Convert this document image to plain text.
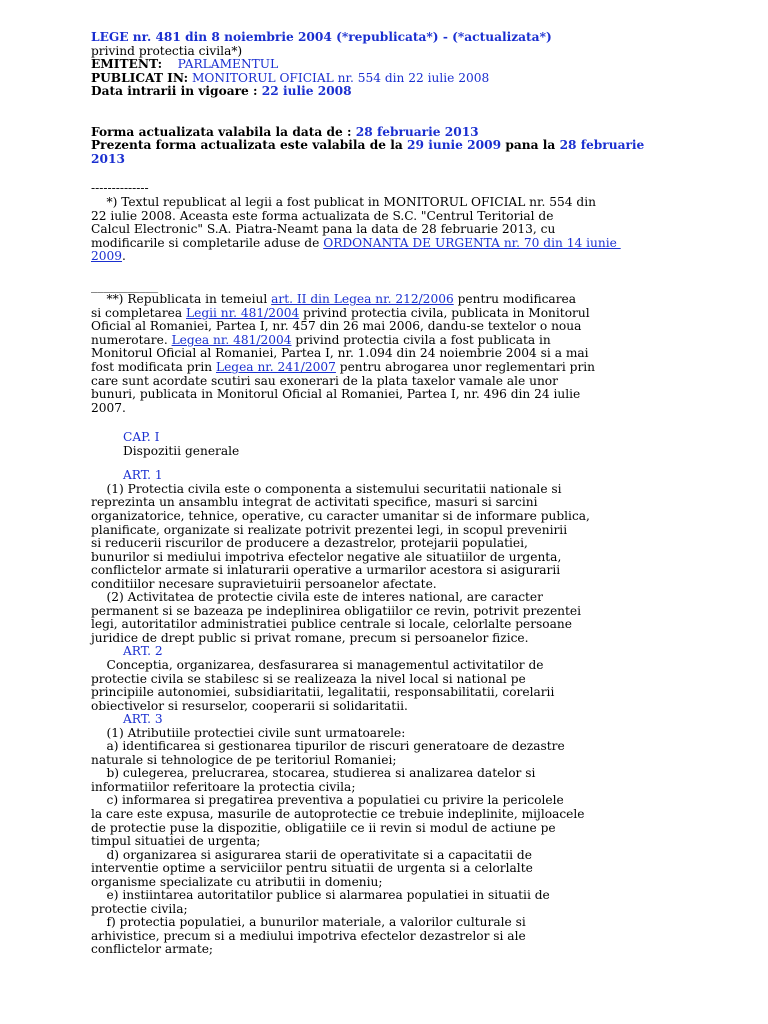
LEGE nr. 481 din 8 noiembrie 2004 (*republicata*) - (*actualizata*)
privind protectia civila*)
EMITENT: PARLAMENTUL
PUBLICAT IN: MONITORUL OFICIAL nr. 554 din 22 iulie 2008
Data intrarii in vigoare : 22 iulie 2008
Forma actualizata valabila la data de : 28 februarie 2013
Prezenta forma actualizata este valabila de la 29 iunie 2009 pana la 28 februarie
2013
--------------
*) Textul republicat al legii a fost publicat in MONITORUL OFICIAL nr. 554 din
22 iulie 2008. Aceasta este forma actualizata de S.C. "Centrul Teritorial de
Calcul Electronic" S.A. Piatra-Neamt pana la data de 28 februarie 2013, cu
modificarile si completarile aduse de ORDONANTA DE URGENTA nr. 70 din 14 iunie
2009.
___________
**) Republicata in temeiul art. II din Legea nr. 212/2006 pentru modificarea
si completarea Legii nr. 481/2004 privind protectia civila, publicata in Monitorul
Oficial al Romaniei, Partea I, nr. 457 din 26 mai 2006, dandu-se textelor o noua
numerotare. Legea nr. 481/2004 privind protectia civila a fost publicata in
Monitorul Oficial al Romaniei, Partea I, nr. 1.094 din 24 noiembrie 2004 si a mai
fost modificata prin Legea nr. 241/2007 pentru abrogarea unor reglementari prin
care sunt acordate scutiri sau exonerari de la plata taxelor vamale ale unor
bunuri, publicata in Monitorul Oficial al Romaniei, Partea I, nr. 496 din 24 iulie
2007.
CAP. I
Dispozitii generale
ART. 1
(1) Protectia civila este o componenta a sistemului securitatii nationale si
reprezinta un ansamblu integrat de activitati specifice, masuri si sarcini
organizatorice, tehnice, operative, cu caracter umanitar si de informare publica,
planificate, organizate si realizate potrivit prezentei legi, in scopul prevenirii
si reducerii riscurilor de producere a dezastrelor, protejarii populatiei,
bunurilor si mediului impotriva efectelor negative ale situatiilor de urgenta,
conflictelor armate si inlaturarii operative a urmarilor acestora si asigurarii
conditiilor necesare supravietuirii persoanelor afectate.
(2) Activitatea de protectie civila este de interes national, are caracter
permanent si se bazeaza pe indeplinirea obligatiilor ce revin, potrivit prezentei
legi, autoritatilor administratiei publice centrale si locale, celorlalte persoane
juridice de drept public si privat romane, precum si persoanelor fizice.
ART. 2
Conceptia, organizarea, desfasurarea si managementul activitatilor de
protectie civila se stabilesc si se realizeaza la nivel local si national pe
principiile autonomiei, subsidiaritatii, legalitatii, responsabilitatii, corelarii
obiectivelor si resurselor, cooperarii si solidaritatii.
ART. 3
(1) Atributiile protectiei civile sunt urmatoarele:
a) identificarea si gestionarea tipurilor de riscuri generatoare de dezastre
naturale si tehnologice de pe teritoriul Romaniei;
b) culegerea, prelucrarea, stocarea, studierea si analizarea datelor si
informatiilor referitoare la protectia civila;
c) informarea si pregatirea preventiva a populatiei cu privire la pericolele
la care este expusa, masurile de autoprotectie ce trebuie indeplinite, mijloacele
de protectie puse la dispozitie, obligatiile ce ii revin si modul de actiune pe
timpul situatiei de urgenta;
d) organizarea si asigurarea starii de operativitate si a capacitatii de
interventie optime a serviciilor pentru situatii de urgenta si a celorlalte
organisme specializate cu atributii in domeniu;
e) instiintarea autoritatilor publice si alarmarea populatiei in situatii de
protectie civila;
f) protectia populatiei, a bunurilor materiale, a valorilor culturale si
arhivistice, precum si a mediului impotriva efectelor dezastrelor si ale
conflictelor armate;
